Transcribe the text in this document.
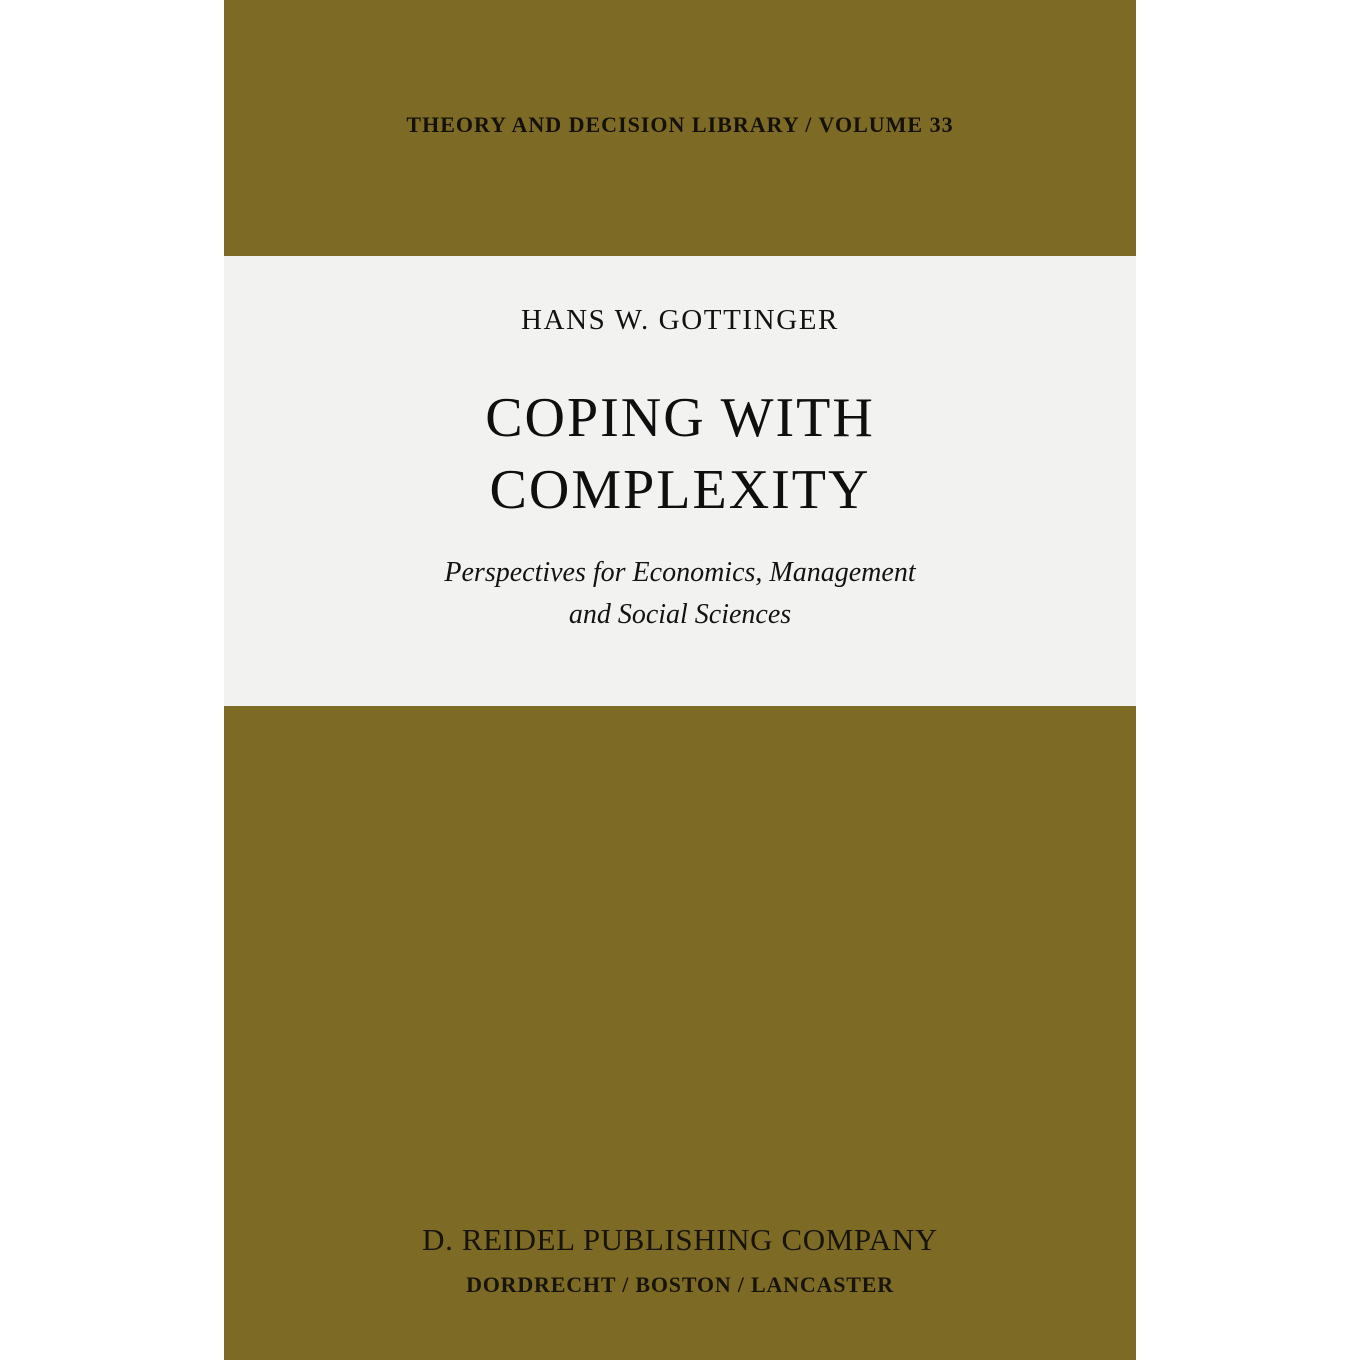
THEORY AND DECISION LIBRARY / VOLUME 33
HANS W. GOTTINGER
COPING WITH
COMPLEXITY
Perspectives for Economics, Management
and Social Sciences
D. REIDEL PUBLISHING COMPANY
DORDRECHT / BOSTON / LANCASTER
